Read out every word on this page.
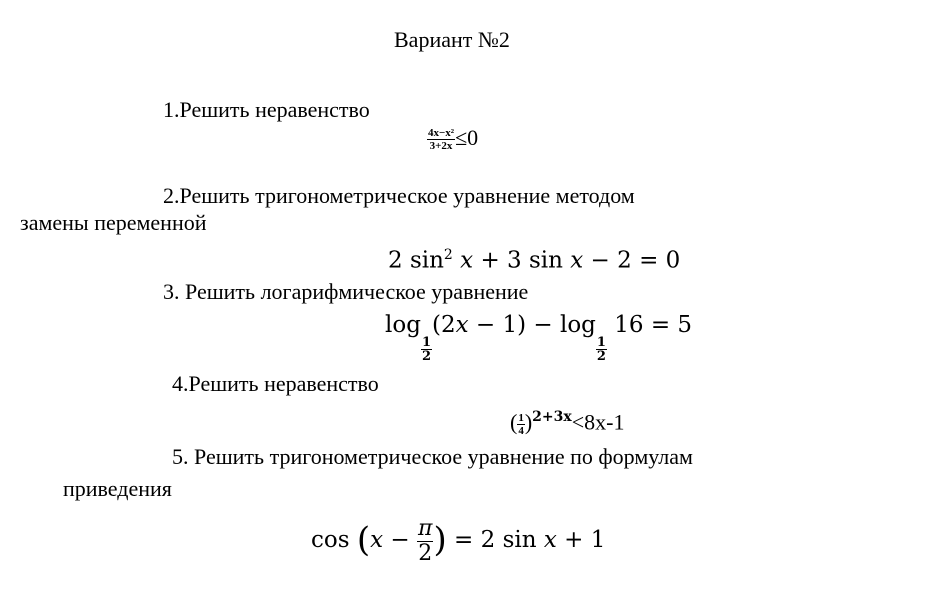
Вариант №2
1.Решить неравенство
$\frac{\text{4x−x²}}{3+2x} \le 0$
2.Решить тригонометрическое уравнение методом
замены переменной
2 $\sin^2 x + 3$ sin x − 2 = 0
3. Решить логарифмическое уравнение
log
$\frac{1}{2}$
(2x − 1) − log
$\frac{1}{2}$
16 = 5
4.Решить неравенство
( $\frac{1}{4} )^{2+3x}<8x-1$
5. Решить тригонометрическое уравнение по формулам
приведения
$\cos (x - \frac{\pi}{2}$ ) = 2 sin x + 1
